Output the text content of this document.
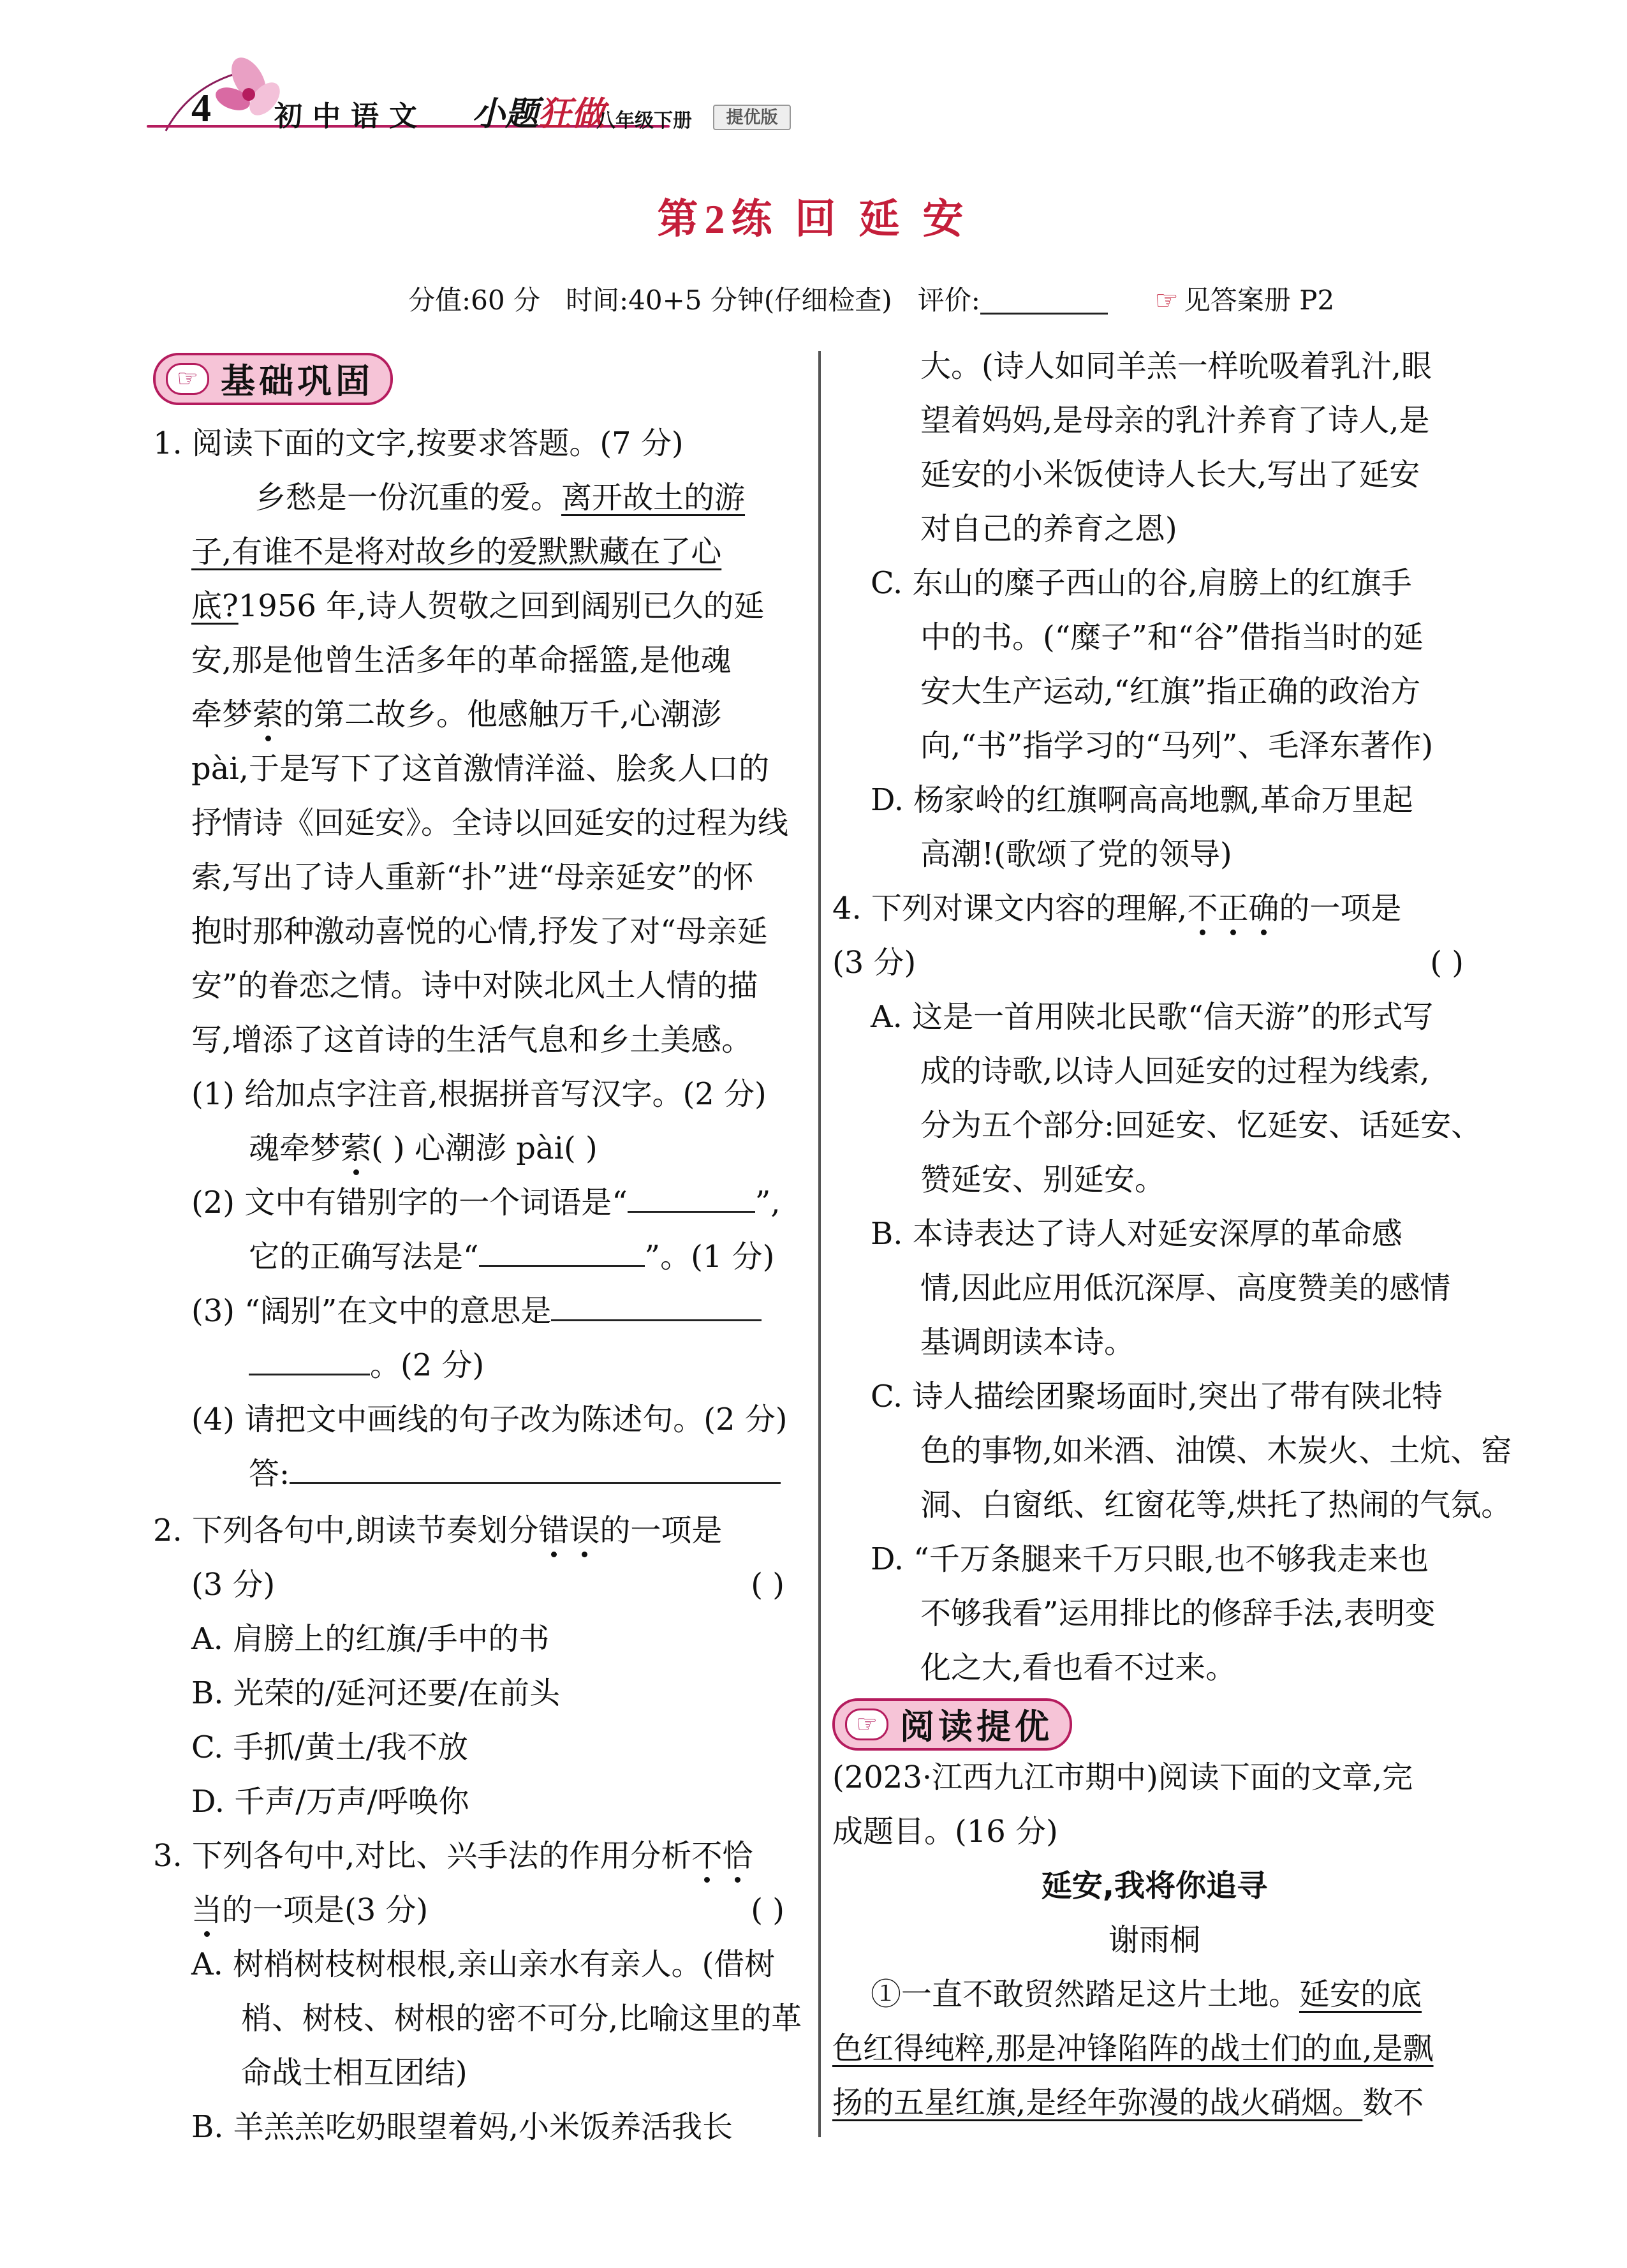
4 初中语文 小题狂做
八年级下册	提优版
第2练 回 延 安
分值:60 分 时间:40+5 分钟(仔细检查) 评价:	☞ 见答案册 P2
☞ 基础巩固

1. 阅读下面的文字,按要求答题。(7 分)

乡愁是一份沉重的爱。离开故土的游

子,有谁不是将对故乡的爱默默藏在了心

底?1956 年,诗人贺敬之回到阔别已久的延

安,那是他曾生活多年的革命摇篮,是他魂

牵梦萦的第二故乡。他感触万千,心潮澎

pài,于是写下了这首激情洋溢、脍炙人口的

抒情诗《回延安》。全诗以回延安的过程为线

索,写出了诗人重新“扑”进“母亲延安”的怀

抱时那种激动喜悦的心情,抒发了对“母亲延

安”的眷恋之情。诗中对陕北风土人情的描

写,增添了这首诗的生活气息和乡土美感。

(1) 给加点字注音,根据拼音写汉字。(2 分)

魂牵梦萦( ) 心潮澎 pài( )

(2) 文中有错别字的一个词语是“	”,

它的正确写法是“	”。(1 分)

(3) “阔别”在文中的意思是

。(2 分)

(4) 请把文中画线的句子改为陈述句。(2 分)

答:

2. 下列各句中,朗读节奏划分错误的一项是

(3 分)	( )

A. 肩膀上的红旗/手中的书

B. 光荣的/延河还要/在前头

C. 手抓/黄土/我不放

D. 千声/万声/呼唤你

3. 下列各句中,对比、兴手法的作用分析不恰

当的一项是(3 分)	( )

A. 树梢树枝树根根,亲山亲水有亲人。(借树

梢、树枝、树根的密不可分,比喻这里的革

命战士相互团结)

B. 羊羔羔吃奶眼望着妈,小米饭养活我长

大。(诗人如同羊羔一样吮吸着乳汁,眼

望着妈妈,是母亲的乳汁养育了诗人,是

延安的小米饭使诗人长大,写出了延安

对自己的养育之恩)

C. 东山的糜子西山的谷,肩膀上的红旗手

中的书。(“糜子”和“谷”借指当时的延

安大生产运动,“红旗”指正确的政治方

向,“书”指学习的“马列”、毛泽东著作)

D. 杨家岭的红旗啊高高地飘,革命万里起

高潮!(歌颂了党的领导)

4. 下列对课文内容的理解,不正确的一项是

(3 分)	( )

A. 这是一首用陕北民歌“信天游”的形式写

成的诗歌,以诗人回延安的过程为线索,

分为五个部分:回延安、忆延安、话延安、

赞延安、别延安。

B. 本诗表达了诗人对延安深厚的革命感

情,因此应用低沉深厚、高度赞美的感情

基调朗读本诗。

C. 诗人描绘团聚场面时,突出了带有陕北特

色的事物,如米酒、油馍、木炭火、土炕、窑

洞、白窗纸、红窗花等,烘托了热闹的气氛。

D. “千万条腿来千万只眼,也不够我走来也

不够我看”运用排比的修辞手法,表明变

化之大,看也看不过来。

☞ 阅读提优

(2023·江西九江市期中)阅读下面的文章,完

成题目。(16 分)

延安,我将你追寻

谢雨桐

①一直不敢贸然踏足这片土地。延安的底

色红得纯粹,那是冲锋陷阵的战士们的血,是飘

扬的五星红旗,是经年弥漫的战火硝烟。数不
